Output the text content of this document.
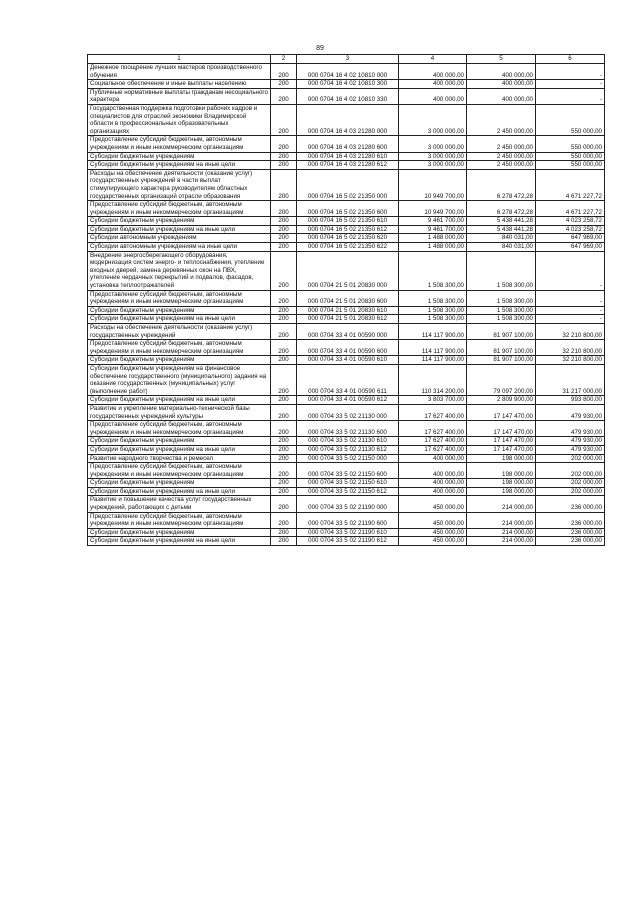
89
1	2	3	4	5	6
Денежное поощрение лучших мастеров производственного обучения	200	000 0704 16 4 02 10810 000	400 000,00	400 000,00	-
Социальное обеспечение и иные выплаты населению	200	000 0704 16 4 02 10810 300	400 000,00	400 000,00	-
Публичные нормативные выплаты гражданам несоциального характера	200	000 0704 16 4 02 10810 330	400 000,00	400 000,00	-
Государственная поддержка подготовки рабочих кадров и специалистов для отраслей экономики Владимирской области в профессиональных образовательных организациях	200	000 0704 16 4 03 21280 000	3 000 000,00	2 450 000,00	550 000,00
Предоставление субсидий бюджетным, автономным учреждениям и иным некоммерческим организациям	200	000 0704 16 4 03 21280 600	3 000 000,00	2 450 000,00	550 000,00
Субсидии бюджетным учреждениям	200	000 0704 16 4 03 21280 610	3 000 000,00	2 450 000,00	550 000,00
Субсидии бюджетным учреждениям на иные цели	200	000 0704 16 4 03 21280 612	3 000 000,00	2 450 000,00	550 000,00
Расходы на обеспечение деятельности (оказание услуг) государственных учреждений в части выплат стимулирующего характера руководителям областных государственных организаций отрасли образования	200	000 0704 16 5 02 21350 000	10 949 700,00	6 278 472,28	4 671 227,72
Предоставление субсидий бюджетным, автономным учреждениям и иным некоммерческим организациям	200	000 0704 16 5 02 21350 600	10 949 700,00	6 278 472,28	4 671 227,72
Субсидии бюджетным учреждениям	200	000 0704 16 5 02 21350 610	9 461 700,00	5 438 441,28	4 023 258,72
Субсидии бюджетным учреждениям на иные цели	200	000 0704 16 5 02 21350 612	9 461 700,00	5 438 441,28	4 023 258,72
Субсидии автономным учреждениям	200	000 0704 16 5 02 21350 620	1 488 000,00	840 031,00	647 969,00
Субсидии автономным учреждениям на иные цели	200	000 0704 16 5 02 21350 622	1 488 000,00	840 031,00	647 969,00
Внедрение энергосберегающего оборудования, модернизация систем энерго- и теплоснабжения, утепление входных дверей, замена деревянных окон на ПВХ, утепление чердачных перекрытий и подвалов, фасадов, установка теплоотражателей	200	000 0704 21 5 01 20830 000	1 508 300,00	1 508 300,00	-
Предоставление субсидий бюджетным, автономным учреждениям и иным некоммерческим организациям	200	000 0704 21 5 01 20830 600	1 508 300,00	1 508 300,00	-
Субсидии бюджетным учреждениям	200	000 0704 21 5 01 20830 610	1 508 300,00	1 508 300,00	-
Субсидии бюджетным учреждениям на иные цели	200	000 0704 21 5 01 20830 612	1 508 300,00	1 508 300,00	-
Расходы на обеспечение деятельности (оказание услуг) государственных учреждений	200	000 0704 33 4 01 00590 000	114 117 900,00	81 907 100,00	32 210 800,00
Предоставление субсидий бюджетным, автономным учреждениям и иным некоммерческим организациям	200	000 0704 33 4 01 00590 600	114 117 900,00	81 907 100,00	32 210 800,00
Субсидии бюджетным учреждениям	200	000 0704 33 4 01 00590 610	114 117 900,00	81 907 100,00	32 210 800,00
Субсидии бюджетным учреждениям на финансовое обеспечение государственного (муниципального) задания на оказание государственных (муниципальных) услуг (выполнение работ)	200	000 0704 33 4 01 00590 611	110 314 200,00	79 097 200,00	31 217 000,00
Субсидии бюджетным учреждениям на иные цели	200	000 0704 33 4 01 00590 612	3 803 700,00	2 809 900,00	993 800,00
Развитие и укрепление материально-технической базы государственных учреждений культуры	200	000 0704 33 5 02 21130 000	17 627 400,00	17 147 470,00	479 930,00
Предоставление субсидий бюджетным, автономным учреждениям и иным некоммерческим организациям	200	000 0704 33 5 02 21130 600	17 627 400,00	17 147 470,00	479 930,00
Субсидии бюджетным учреждениям	200	000 0704 33 5 02 21130 610	17 627 400,00	17 147 470,00	479 930,00
Субсидии бюджетным учреждениям на иные цели	200	000 0704 33 5 02 21130 612	17 627 400,00	17 147 470,00	479 930,00
Развитие народного творчества и ремесел	200	000 0704 33 5 02 21150 000	400 000,00	198 000,00	202 000,00
Предоставление субсидий бюджетным, автономным учреждениям и иным некоммерческим организациям	200	000 0704 33 5 02 21150 600	400 000,00	198 000,00	202 000,00
Субсидии бюджетным учреждениям	200	000 0704 33 5 02 21150 610	400 000,00	198 000,00	202 000,00
Субсидии бюджетным учреждениям на иные цели	200	000 0704 33 5 02 21150 612	400 000,00	198 000,00	202 000,00
Развитие и повышение качества услуг государственных учреждений, работающих с детьми	200	000 0704 33 5 02 21190 000	450 000,00	214 000,00	236 000,00
Предоставление субсидий бюджетным, автономным учреждениям и иным некоммерческим организациям	200	000 0704 33 5 02 21190 600	450 000,00	214 000,00	236 000,00
Субсидии бюджетным учреждениям	200	000 0704 33 5 02 21190 610	450 000,00	214 000,00	236 000,00
Субсидии бюджетным учреждениям на иные цели	200	000 0704 33 5 02 21190 612	450 000,00	214 000,00	236 000,00
